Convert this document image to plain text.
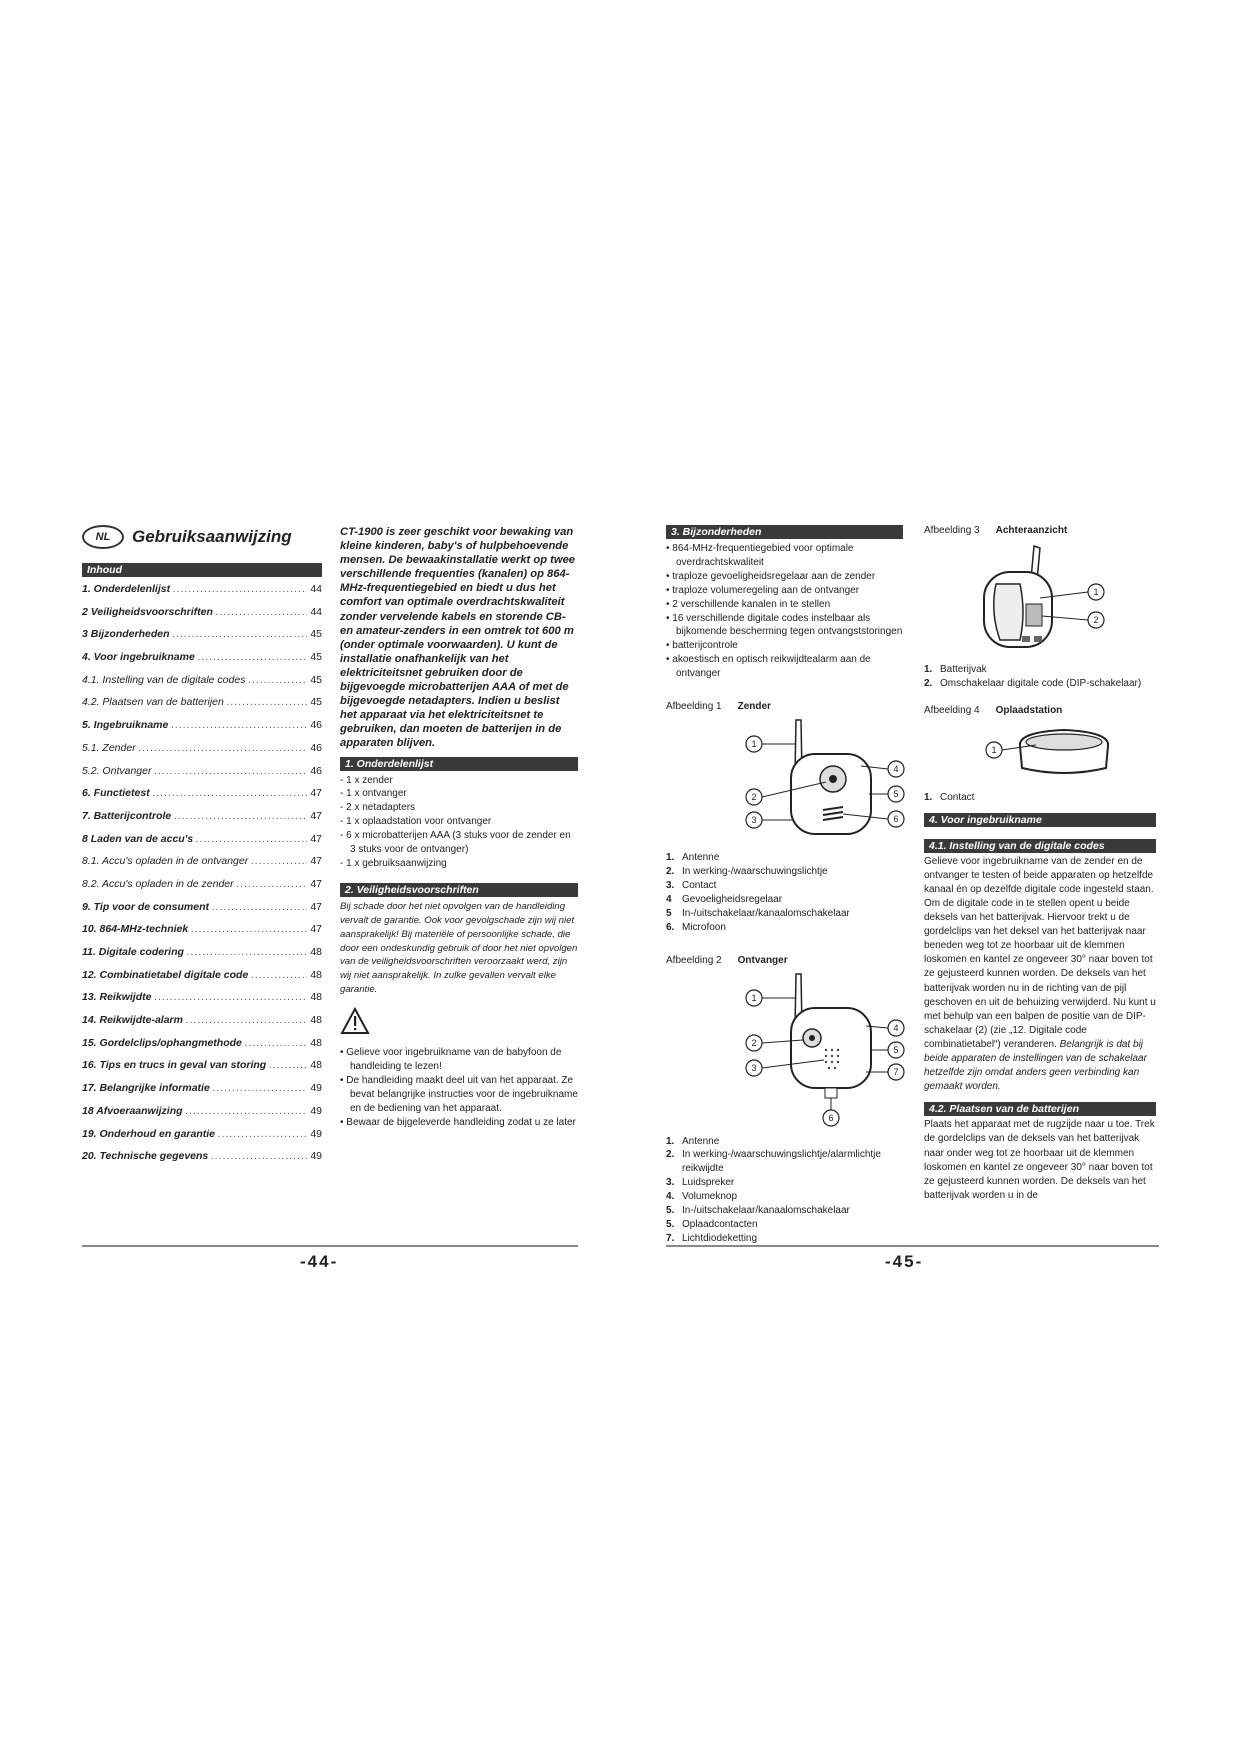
NL	Gebruiksaanwijzing
Inhoud
1. Onderdelenlijst .....	44
2 Veiligheidsvoorschriften .....	44
3 Bijzonderheden .....	45
4. Voor ingebruikname .....	45
4.1. Instelling van de digitale codes .....	45
4.2. Plaatsen van de batterijen .....	45
5. Ingebruikname .....	46
5.1. Zender .....	46
5.2. Ontvanger .....	46
6. Functietest .....	47
7. Batterijcontrole .....	47
8 Laden van de accu's .....	47
8.1. Accu's opladen in de ontvanger .....	47
8.2. Accu's opladen in de zender .....	47
9. Tip voor de consument .....	47
10. 864-MHz-techniek .....	47
11. Digitale codering .....	48
12. Combinatietabel digitale code .....	48
13. Reikwijdte .....	48
14. Reikwijdte-alarm .....	48
15. Gordelclips/ophangmethode .....	48
16. Tips en trucs in geval van storing .....	48
17. Belangrijke informatie .....	49
18 Afvoeraanwijzing .....	49
19. Onderhoud en garantie .....	49
20. Technische gegevens .....	49

CT-1900 is zeer geschikt voor bewaking van kleine kinderen, baby's of hulpbehoevende mensen. De bewaakinstallatie werkt op twee verschillende frequenties (kanalen) op 864-MHz-frequentiegebied en biedt u dus het comfort van optimale overdrachtskwaliteit zonder vervelende kabels en storende CB- en amateur-zenders in een omtrek tot 600 m (onder optimale voorwaarden). U kunt de installatie onafhankelijk van het elektriciteitsnet gebruiken door de bijgevoegde microbatterijen AAA of met de bijgevoegde netadapters. Indien u beslist het apparaat via het elektriciteitsnet te gebruiken, dan moeten de batterijen in de apparaten blijven.

1. Onderdelenlijst
- 1 x zender
- 1 x ontvanger
- 2 x netadapters
- 1 x oplaadstation voor ontvanger
- 6 x microbatterijen AAA (3 stuks voor de zender en 3 stuks voor de ontvanger)
- 1 x gebruiksaanwijzing
2. Veiligheidsvoorschriften

Bij schade door het niet opvolgen van de handleiding vervalt de garantie. Ook voor gevolgschade zijn wij niet aansprakelijk! Bij materiële of persoonlijke schade, die door een ondeskundig gebruik of door het niet opvolgen van de veiligheidsvoorschriften veroorzaakt werd, zijn wij niet aansprakelijk. In zulke gevallen vervalt elke garantie.

• Gelieve voor ingebruikname van de babyfoon de handleiding te lezen!
• De handleiding maakt deel uit van het apparaat. Ze bevat belangrijke instructies voor de ingebruikname en de bediening van het apparaat.
• Bewaar de bijgeleverde handleiding zodat u ze later
-44-
3. Bijzonderheden
• 864-MHz-frequentiegebied voor optimale overdrachtskwaliteit
• traploze gevoeligheidsregelaar aan de zender
• traploze volumeregeling aan de ontvanger
• 2 verschillende kanalen in te stellen
• 16 verschillende digitale codes instelbaar als bijkomende bescherming tegen ontvangststoringen
• batterijcontrole
• akoestisch en optisch reikwijdtealarm aan de ontvanger
Afbeelding 1 Zender
1
2
3
4
5
6
1. Antenne
2. In werking-/waarschuwingslichtje
3. Contact
4	Gevoeligheidsregelaar
5	In-/uitschakelaar/kanaalomschakelaar
6. Microfoon
Afbeelding 2 Ontvanger
1
2
3
4
5
7
6
1. Antenne
2. In werking-/waarschuwingslichtje/alarmlichtje reikwijdte
3. Luidspreker
4. Volumeknop
5. In-/uitschakelaar/kanaalomschakelaar
5. Oplaadcontacten
7. Lichtdiodeketting
Afbeelding 3 Achteraanzicht
1
2
1. Batterijvak
2. Omschakelaar digitale code (DIP-schakelaar)
Afbeelding 4 Oplaadstation
1
1. Contact
4. Voor ingebruikname
4.1. Instelling van de digitale codes

Gelieve voor ingebruikname van de zender en de ontvanger te testen of beide apparaten op hetzelfde kanaal én op dezelfde digitale code ingesteld staan. Om de digitale code in te stellen opent u beide deksels van het batterijvak. Hiervoor trekt u de gordelclips van het deksel van het batterijvak naar beneden weg tot ze hoorbaar uit de klemmen loskomen en kantel ze ongeveer 30° naar boven tot ze gejusteerd kunnen worden. De deksels van het batterijvak worden nu in de richting van de pijl geschoven en uit de behuizing verwijderd. Nu kunt u met behulp van een balpen de positie van de DIP-schakelaar (2) (zie „12. Digitale code combinatietabel“) veranderen. Belangrijk is dat bij beide apparaten de instellingen van de schakelaar hetzelfde zijn omdat anders geen verbinding kan gemaakt worden.

4.2. Plaatsen van de batterijen

Plaats het apparaat met de rugzijde naar u toe. Trek de gordelclips van de deksels van het batterijvak naar onder weg tot ze hoorbaar uit de klemmen loskomen en kantel ze ongeveer 30° naar boven tot ze gejusteerd kunnen worden. De deksels van het batterijvak worden u in de

-45-
